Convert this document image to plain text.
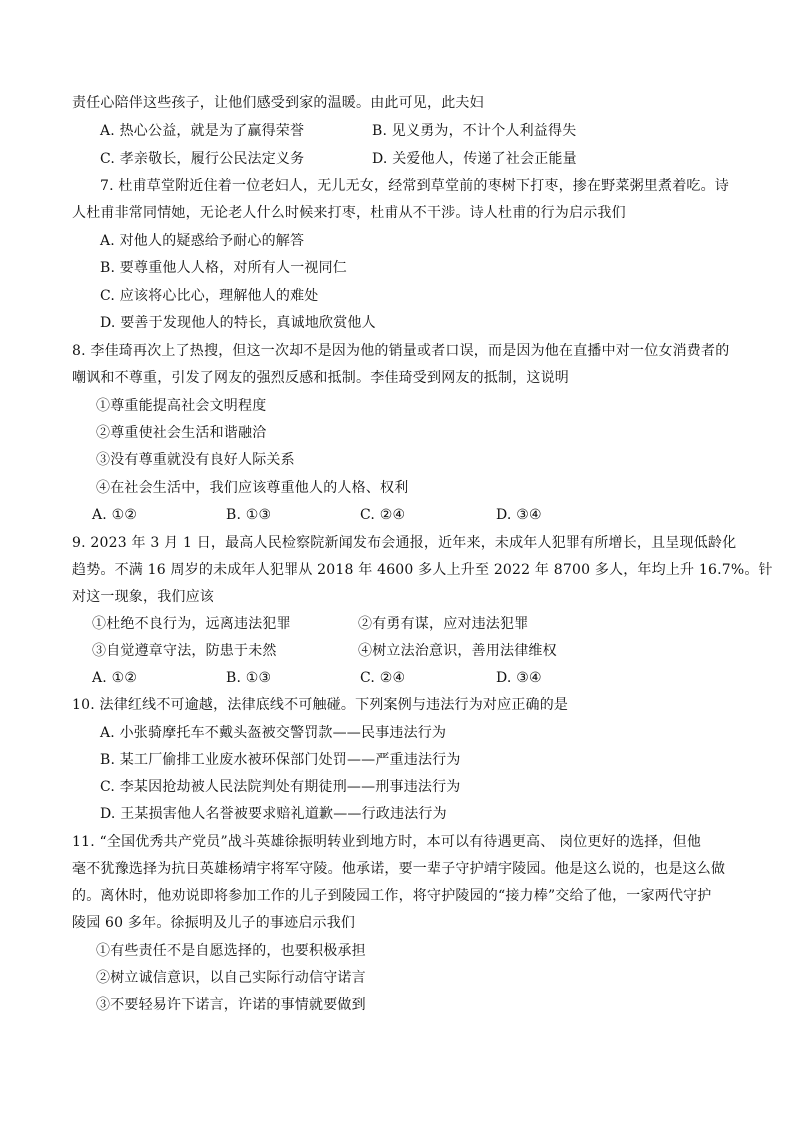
责任心陪伴这些孩子，让他们感受到家的温暖。由此可见，此夫妇
A. 热心公益，就是为了赢得荣誉	B. 见义勇为，不计个人利益得失
C. 孝亲敬长，履行公民法定义务	D. 关爱他人，传递了社会正能量
7. 杜甫草堂附近住着一位老妇人，无儿无女，经常到草堂前的枣树下打枣，掺在野菜粥里煮着吃。诗
人杜甫非常同情她，无论老人什么时候来打枣，杜甫从不干涉。诗人杜甫的行为启示我们
A. 对他人的疑惑给予耐心的解答
B. 要尊重他人人格，对所有人一视同仁
C. 应该将心比心，理解他人的难处
D. 要善于发现他人的特长，真诚地欣赏他人
8. 李佳琦再次上了热搜，但这一次却不是因为他的销量或者口误，而是因为他在直播中对一位女消费者的
嘲讽和不尊重，引发了网友的强烈反感和抵制。李佳琦受到网友的抵制，这说明
①尊重能提高社会文明程度
②尊重使社会生活和谐融洽
③没有尊重就没有良好人际关系
④在社会生活中，我们应该尊重他人的人格、权利
A. ①②	B. ①③	C. ②④	D. ③④
9. 2023 年 3 月 1 日，最高人民检察院新闻发布会通报，近年来，未成年人犯罪有所增长，且呈现低龄化
趋势。不满 16 周岁的未成年人犯罪从 2018 年 4600 多人上升至 2022 年 8700 多人，年均上升 16.7%。针
对这一现象，我们应该
①杜绝不良行为，远离违法犯罪	②有勇有谋，应对违法犯罪
③自觉遵章守法，防患于未然	④树立法治意识，善用法律维权
A. ①②	B. ①③	C. ②④	D. ③④
10. 法律红线不可逾越，法律底线不可触碰。下列案例与违法行为对应正确的是
A. 小张骑摩托车不戴头盔被交警罚款——民事违法行为
B. 某工厂偷排工业废水被环保部门处罚——严重违法行为
C. 李某因抢劫被人民法院判处有期徒刑——刑事违法行为
D. 王某损害他人名誉被要求赔礼道歉——行政违法行为
11. “全国优秀共产党员”战斗英雄徐振明转业到地方时，本可以有待遇更高、 岗位更好的选择，但他
毫不犹豫选择为抗日英雄杨靖宇将军守陵。他承诺，要一辈子守护靖宇陵园。他是这么说的，也是这么做
的。离休时，他劝说即将参加工作的儿子到陵园工作，将守护陵园的“接力棒”交给了他，一家两代守护
陵园 60 多年。徐振明及儿子的事迹启示我们
①有些责任不是自愿选择的，也要积极承担
②树立诚信意识，以自己实际行动信守诺言
③不要轻易许下诺言，许诺的事情就要做到
